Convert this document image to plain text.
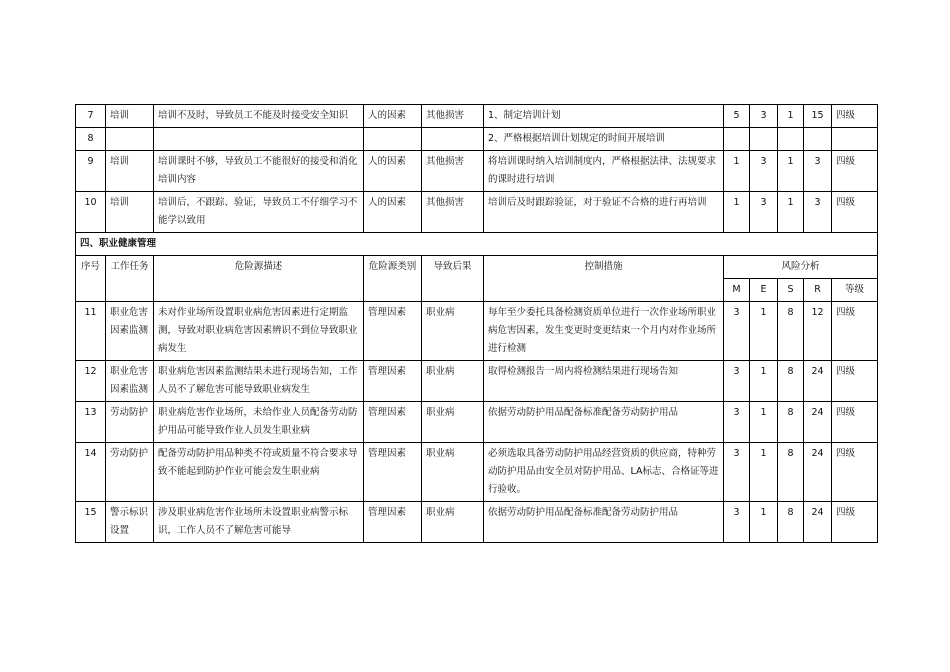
7	培训	培训不及时，导致员工不能及时接受安全知识	人的因素	其他损害	1、制定培训计划	5	3	1	15	四级
8					2、严格根据培训计划规定的时间开展培训					
9	培训	培训课时不够，导致员工不能很好的接受和消化培训内容	人的因素	其他损害	将培训课时纳入培训制度内，严格根据法律、法规要求的课时进行培训	1	3	1	3	四级
10	培训	培训后，不跟踪、验证，导致员工不仔细学习不能学以致用	人的因素	其他损害	培训后及时跟踪验证，对于验证不合格的进行再培训	1	3	1	3	四级
四、职业健康管理										
序号	工作任务	危险源描述	危险源类别	导致后果	控制措施	风险分析				
						M	E	S	R	等级
11	职业危害因素监测	未对作业场所设置职业病危害因素进行定期监测，导致对职业病危害因素辨识不到位导致职业病发生	管理因素	职业病	每年至少委托具备检测资质单位进行一次作业场所职业病危害因素，发生变更时变更结束一个月内对作业场所进行检测	3	1	8	12	四级
12	职业危害因素监测	职业病危害因素监测结果未进行现场告知，工作人员不了解危害可能导致职业病发生	管理因素	职业病	取得检测报告一周内将检测结果进行现场告知	3	1	8	24	四级
13	劳动防护	职业病危害作业场所，未给作业人员配备劳动防护用品可能导致作业人员发生职业病	管理因素	职业病	依据劳动防护用品配备标准配备劳动防护用品	3	1	8	24	四级
14	劳动防护	配备劳动防护用品种类不符或质量不符合要求导致不能起到防护作业可能会发生职业病	管理因素	职业病	必须选取具备劳动防护用品经营资质的供应商，特种劳动防护用品由安全员对防护用品、LA标志、合格证等进行验收。	3	1	8	24	四级
15	警示标识设置	涉及职业病危害作业场所未设置职业病警示标识，工作人员不了解危害可能导	管理因素	职业病	依据劳动防护用品配备标准配备劳动防护用品	3	1	8	24	四级
